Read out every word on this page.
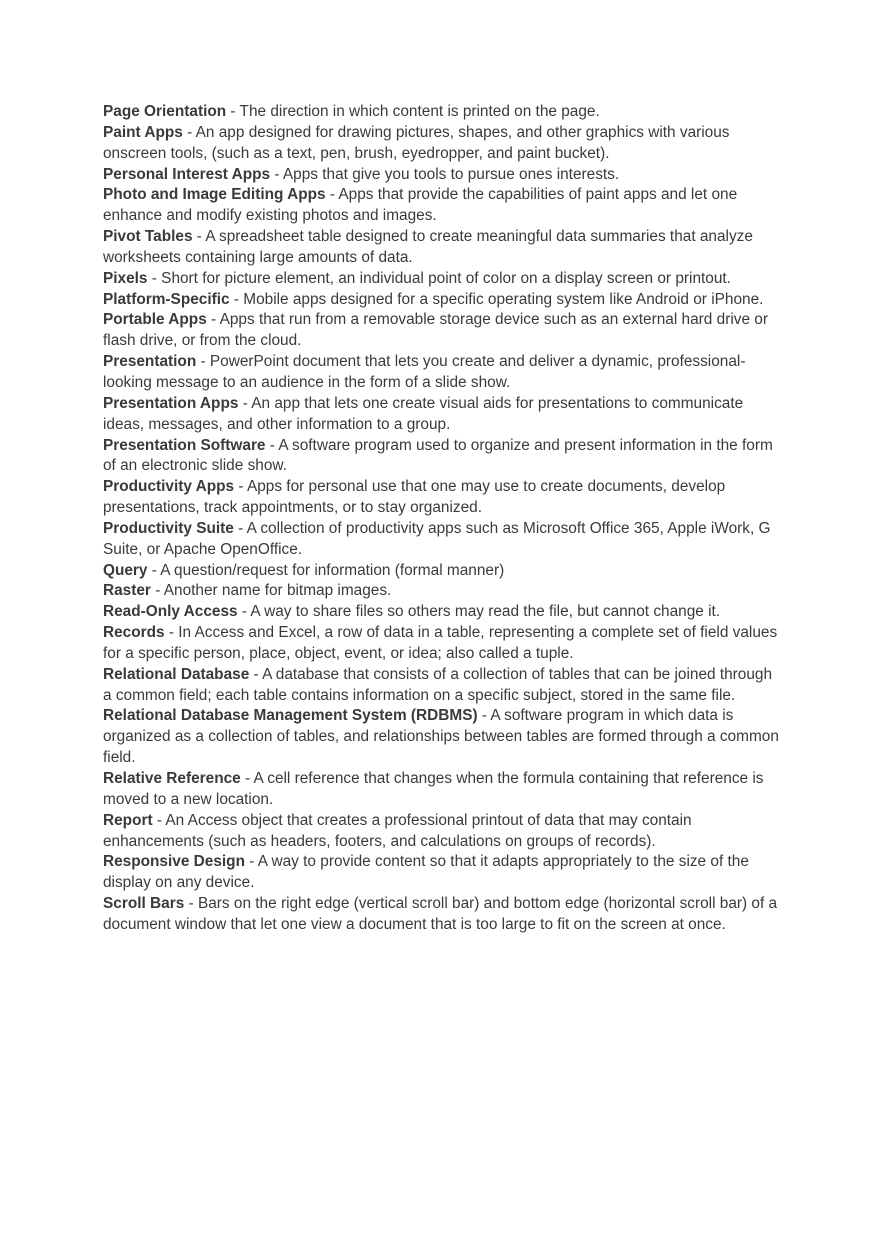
Page Orientation - The direction in which content is printed on the page.

Paint Apps - An app designed for drawing pictures, shapes, and other graphics with various onscreen tools, (such as a text, pen, brush, eyedropper, and paint bucket).

Personal Interest Apps - Apps that give you tools to pursue ones interests.

Photo and Image Editing Apps - Apps that provide the capabilities of paint apps and let one enhance and modify existing photos and images.

Pivot Tables - A spreadsheet table designed to create meaningful data summaries that analyze worksheets containing large amounts of data.

Pixels - Short for picture element, an individual point of color on a display screen or printout.

Platform-Specific - Mobile apps designed for a specific operating system like Android or iPhone.

Portable Apps - Apps that run from a removable storage device such as an external hard drive or flash drive, or from the cloud.

Presentation - PowerPoint document that lets you create and deliver a dynamic, professional-looking message to an audience in the form of a slide show.

Presentation Apps - An app that lets one create visual aids for presentations to communicate ideas, messages, and other information to a group.

Presentation Software - A software program used to organize and present information in the form of an electronic slide show.

Productivity Apps - Apps for personal use that one may use to create documents, develop presentations, track appointments, or to stay organized.

Productivity Suite - A collection of productivity apps such as Microsoft Office 365, Apple iWork, G Suite, or Apache OpenOffice.

Query - A question/request for information (formal manner)

Raster - Another name for bitmap images.

Read-Only Access - A way to share files so others may read the file, but cannot change it.

Records - In Access and Excel, a row of data in a table, representing a complete set of field values for a specific person, place, object, event, or idea; also called a tuple.

Relational Database - A database that consists of a collection of tables that can be joined through a common field; each table contains information on a specific subject, stored in the same file.

Relational Database Management System (RDBMS) - A software program in which data is organized as a collection of tables, and relationships between tables are formed through a common field.

Relative Reference - A cell reference that changes when the formula containing that reference is moved to a new location.

Report - An Access object that creates a professional printout of data that may contain enhancements (such as headers, footers, and calculations on groups of records).

Responsive Design - A way to provide content so that it adapts appropriately to the size of the display on any device.

Scroll Bars - Bars on the right edge (vertical scroll bar) and bottom edge (horizontal scroll bar) of a document window that let one view a document that is too large to fit on the screen at once.
